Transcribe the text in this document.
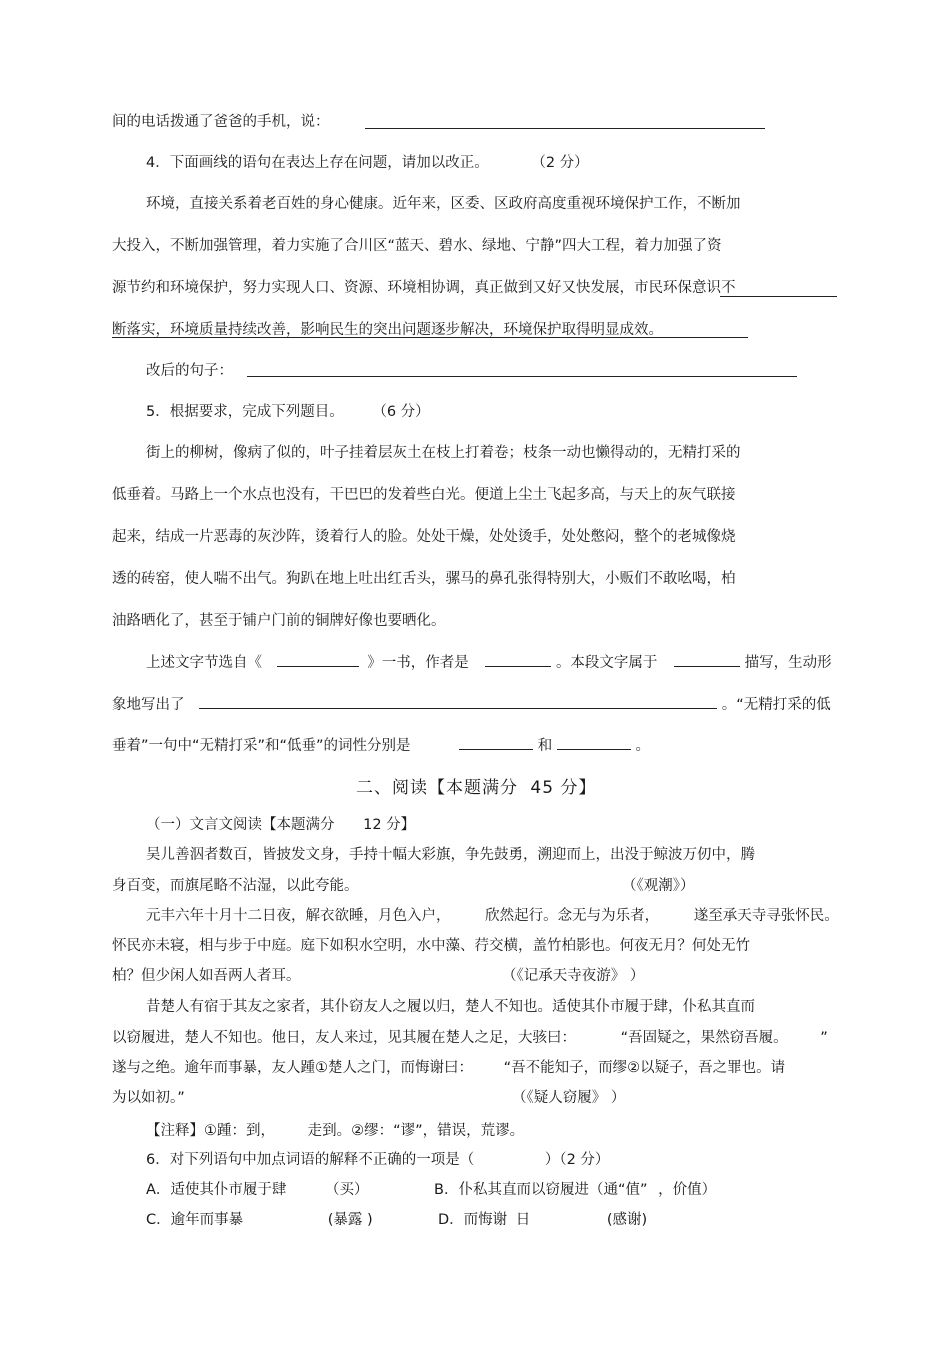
间的电话拨通了爸爸的手机，说：
4．下面画线的语句在表达上存在问题，请加以改正。	（2 分）
环境，直接关系着老百姓的身心健康。近年来，区委、区政府高度重视环境保护工作，不断加
大投入，不断加强管理，着力实施了合川区“蓝天、碧水、绿地、宁静”四大工程，着力加强了资
源节约和环境保护，努力实现人口、资源、环境相协调，真正做到又好又快发展，市民环保意识不
断落实，环境质量持续改善，影响民生的突出问题逐步解决，环境保护取得明显成效。
改后的句子：
5．根据要求，完成下列题目。 （6 分）
街上的柳树，像病了似的，叶子挂着层灰土在枝上打着卷；枝条一动也懒得动的，无精打采的
低垂着。马路上一个水点也没有，干巴巴的发着些白光。便道上尘土飞起多高，与天上的灰气联接
起来，结成一片恶毒的灰沙阵，烫着行人的脸。处处干燥，处处烫手，处处憋闷，整个的老城像烧
透的砖窑，使人喘不出气。狗趴在地上吐出红舌头，骡马的鼻孔张得特别大，小贩们不敢吆喝，柏
油路晒化了，甚至于铺户门前的铜牌好像也要晒化。
上述文字节选自《	》一书，作者是	。本段文字属于	描写，生动形
象地写出了	。“无精打采的低
垂着”一句中“无精打采”和“低垂”的词性分别是	和	。
二、阅读【本题满分 45 分】
（一）文言文阅读【本题满分 12 分】
吴儿善泅者数百，皆披发文身，手持十幅大彩旗，争先鼓勇，溯迎而上，出没于鲸波万仞中，腾
身百变，而旗尾略不沾湿，以此夸能。	（《观潮》）
元丰六年十月十二日夜，解衣欲睡，月色入户， 欣然起行。念无与为乐者， 遂至承天寺寻张怀民。
怀民亦未寝，相与步于中庭。庭下如积水空明，水中藻、荇交横，盖竹柏影也。何夜无月？何处无竹
柏？但少闲人如吾两人者耳。	（《记承天寺夜游》 ）
昔楚人有宿于其友之家者，其仆窃友人之履以归，楚人不知也。适使其仆市履于肆，仆私其直而
以窃履进，楚人不知也。他日，友人来过，见其履在楚人之足，大骇曰：	“吾固疑之，果然窃吾履。 ”
遂与之绝。逾年而事暴，友人踵①楚人之门，而悔谢曰： “吾不能知子，而缪②以疑子，吾之罪也。请
为以如初。”	（《疑人窃履》 ）
【注释】①踵：到， 走到。②缪：“谬”，错误，荒谬。
6．对下列语句中加点词语的解释不正确的一项是（	）（2 分）
A．适使其仆市履于肆	（买）	B．仆私其直而以窃履进（通“值” ，价值）
C．逾年而事暴	(暴露 )	D．而悔谢 日	(感谢)
